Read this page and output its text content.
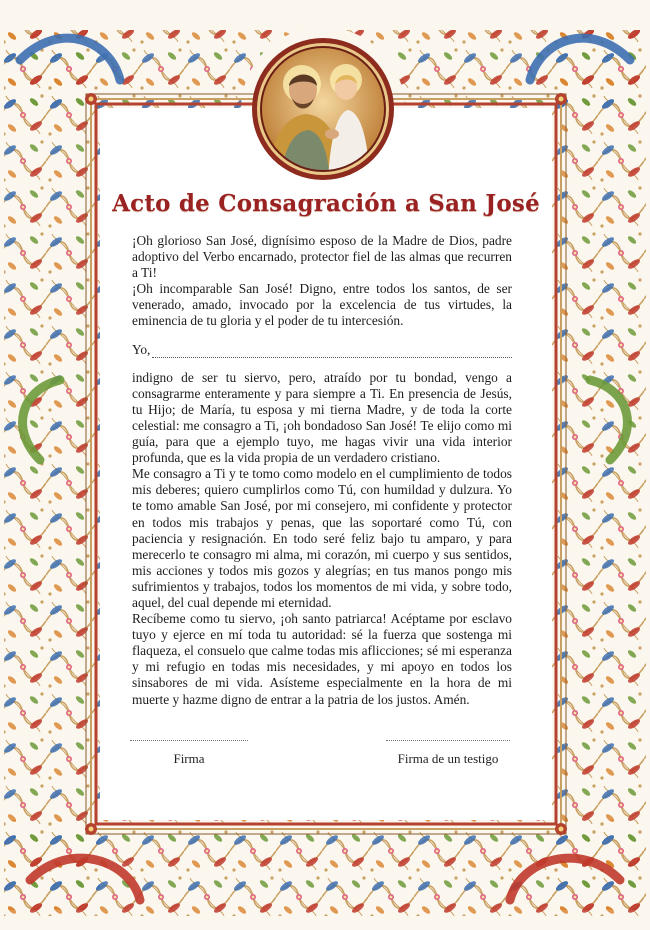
Acto de Consagración a San José

¡Oh glorioso San José, dignísimo esposo de la Madre de Dios, padre adoptivo del Verbo encarnado, protector fiel de las almas que recurren a Ti!

¡Oh incomparable San José! Digno, entre todos los santos, de ser venerado, amado, invocado por la excelencia de tus virtudes, la eminencia de tu gloria y el poder de tu intercesión.

Yo,

indigno de ser tu siervo, pero, atraído por tu bondad, vengo a consagrarme enteramente y para siempre a Ti. En presencia de Jesús, tu Hijo; de María, tu esposa y mi tierna Madre, y de toda la corte celestial: me consagro a Ti, ¡oh bondadoso San José! Te elijo como mi guía, para que a ejemplo tuyo, me hagas vivir una vida interior profunda, que es la vida propia de un verdadero cristiano.

Me consagro a Ti y te tomo como modelo en el cumplimiento de todos mis deberes; quiero cumplirlos como Tú, con humildad y dulzura. Yo te tomo amable San José, por mi consejero, mi confidente y protector en todos mis trabajos y penas, que las soportaré como Tú, con paciencia y resignación. En todo seré feliz bajo tu amparo, y para merecerlo te consagro mi alma, mi corazón, mi cuerpo y sus sentidos, mis acciones y todos mis gozos y alegrías; en tus manos pongo mis sufrimientos y trabajos, todos los momentos de mi vida, y sobre todo, aquel, del cual depende mi eternidad.

Recíbeme como tu siervo, ¡oh santo patriarca! Acéptame por esclavo tuyo y ejerce en mí toda tu autoridad: sé la fuerza que sostenga mi flaqueza, el consuelo que calme todas mis aflicciones; sé mi esperanza y mi refugio en todas mis necesidades, y mi apoyo en todos los sinsabores de mi vida. Asísteme especialmente en la hora de mi muerte y hazme digno de entrar a la patria de los justos. Amén.

Firma	Firma de un testigo
